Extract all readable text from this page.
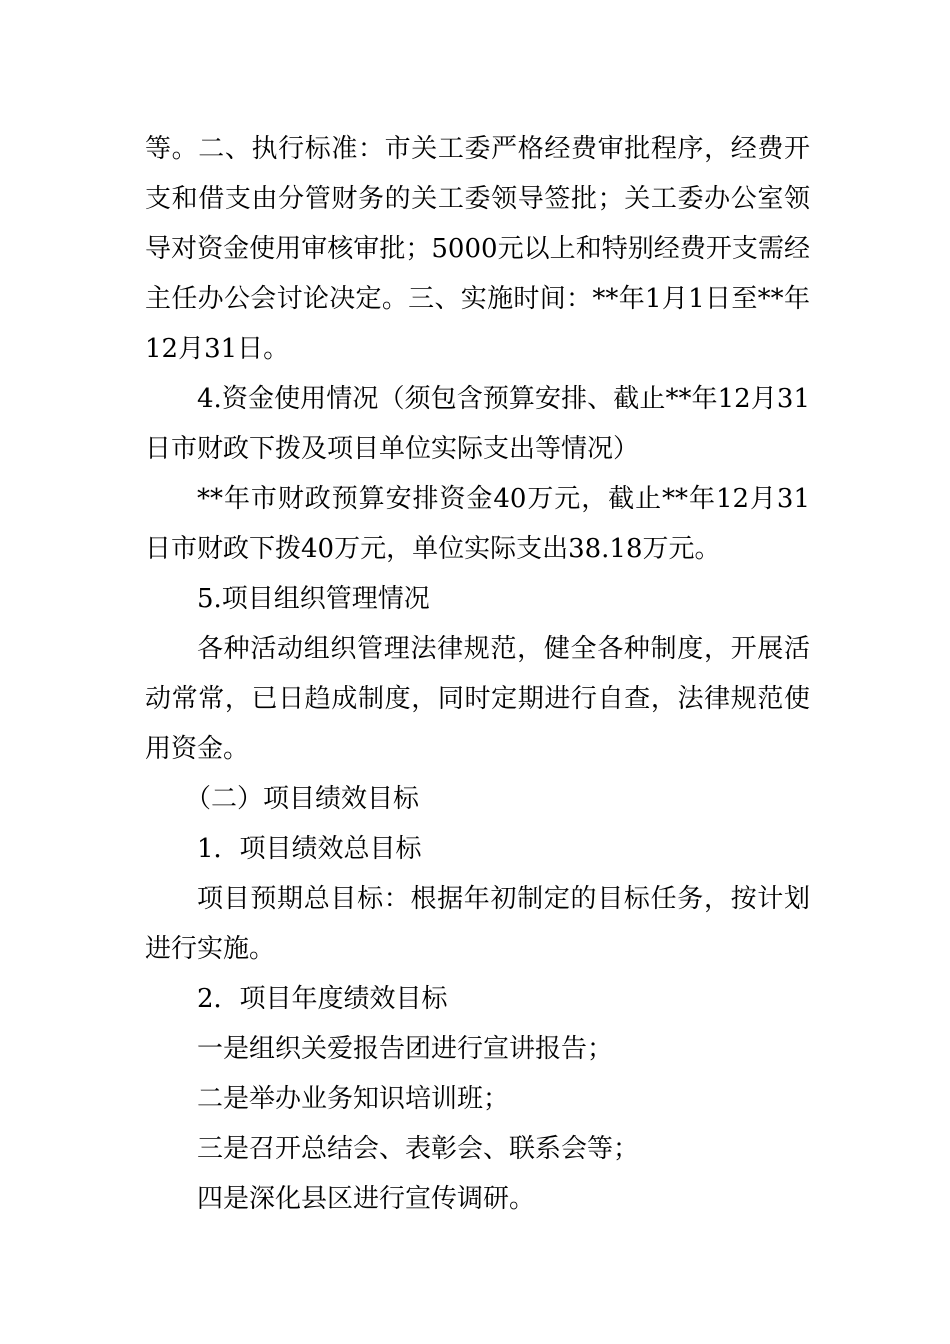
等。二、执行标准：市关工委严格经费审批程序，经费开支和借支由分管财务的关工委领导签批；关工委办公室领导对资金使用审核审批；5000元以上和特别经费开支需经主任办公会讨论决定。三、实施时间：**年1月1日至**年12月31日。

4.资金使用情况（须包含预算安排、截止**年12月31日市财政下拨及项目单位实际支出等情况）

**年市财政预算安排资金40万元，截止**年12月31日市财政下拨40万元，单位实际支出38.18万元。

5.项目组织管理情况

各种活动组织管理法律规范，健全各种制度，开展活动常常，已日趋成制度，同时定期进行自查，法律规范使用资金。

（二）项目绩效目标

1．项目绩效总目标

项目预期总目标：根据年初制定的目标任务，按计划进行实施。

2．项目年度绩效目标

一是组织关爱报告团进行宣讲报告；

二是举办业务知识培训班；

三是召开总结会、表彰会、联系会等；

四是深化县区进行宣传调研。
